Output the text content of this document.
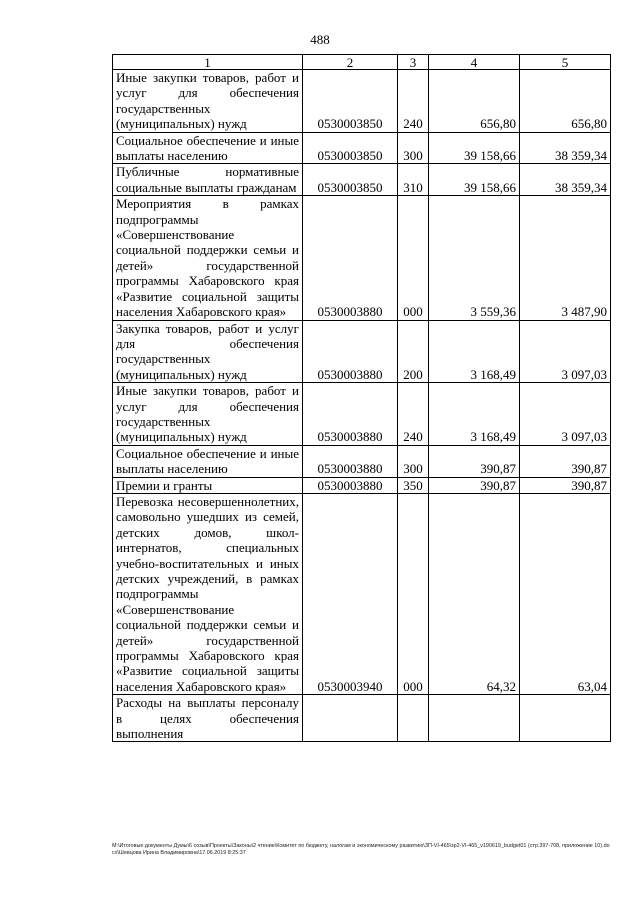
488
1	2	3	4	5
Иные закупки товаров, работ и услуг для обеспечения государственных (муниципальных) нужд	0530003850	240	656,80	656,80
Социальное обеспечение и иные выплаты населению	0530003850	300	39 158,66	38 359,34
Публичные нормативные социальные выплаты гражданам	0530003850	310	39 158,66	38 359,34
Мероприятия в рамках подпрограммы «Совершенствование социальной поддержки семьи и детей» государственной программы Хабаровского края «Развитие социальной защиты населения Хабаровского края»	0530003880	000	3 559,36	3 487,90
Закупка товаров, работ и услуг для обеспечения государственных (муниципальных) нужд	0530003880	200	3 168,49	3 097,03
Иные закупки товаров, работ и услуг для обеспечения государственных (муниципальных) нужд	0530003880	240	3 168,49	3 097,03
Социальное обеспечение и иные выплаты населению	0530003880	300	390,87	390,87
Премии и гранты	0530003880	350	390,87	390,87
Перевозка несовершеннолетних, самовольно ушедших из семей, детских домов, школ-интернатов, специальных учебно-воспитательных и иных детских учреждений, в рамках подпрограммы «Совершенствование социальной поддержки семьи и детей» государственной программы Хабаровского края «Развитие социальной защиты населения Хабаровского края»	0530003940	000	64,32	63,04
Расходы на выплаты персоналу в целях обеспечения выполнения				
M:\Итоговые документы Думы\6 созыв\Проекты\Законы\2 чтение\Комитет по бюджету, налогам и экономическому развитию\ЗП-VI-465\зр2-VI-465_v190619_budget01 (стр.397-708, приложение 10).docx\Шевцова Ирина Владимировна\17.06.2019 8:25:37
